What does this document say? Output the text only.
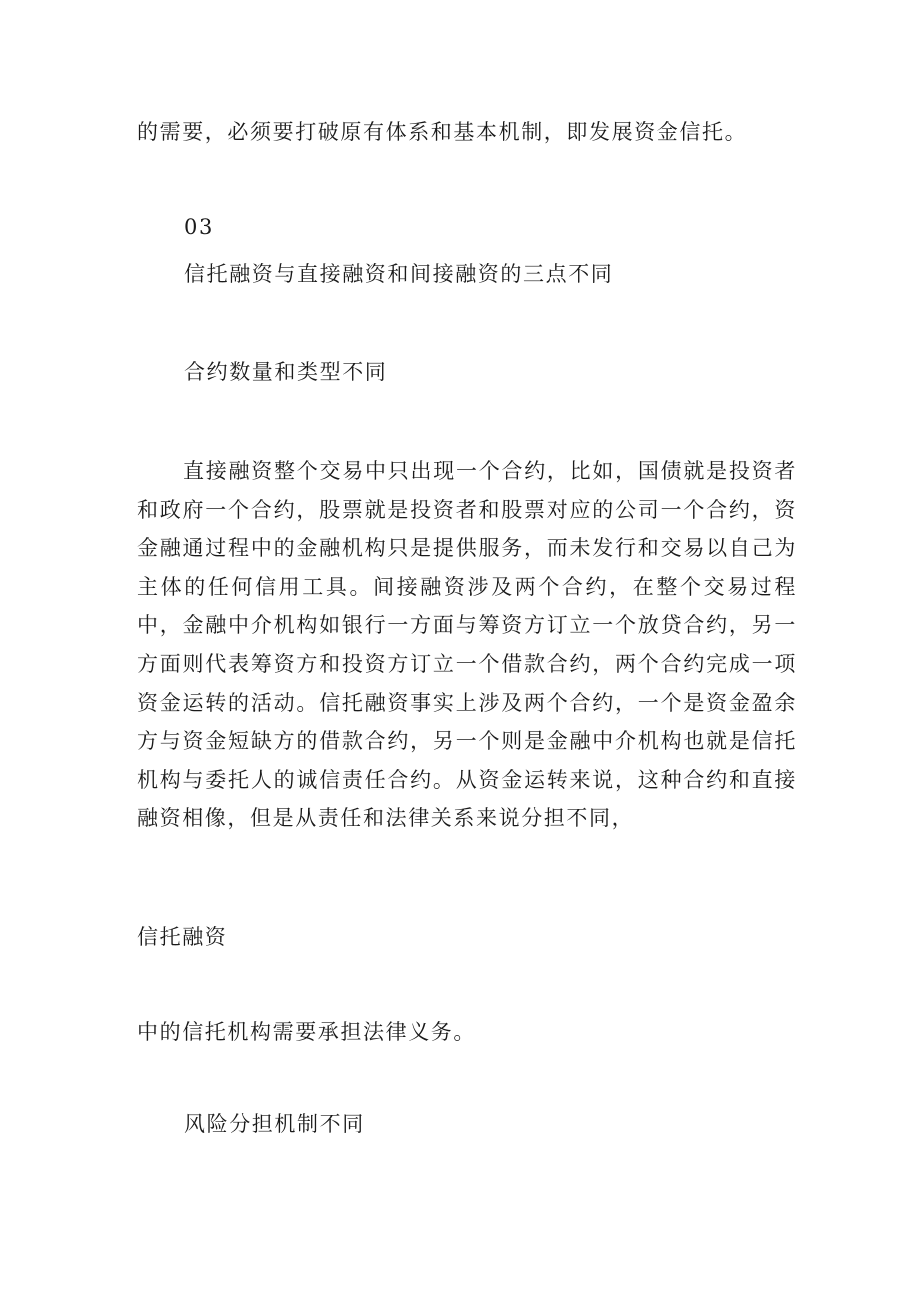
的需要，必须要打破原有体系和基本机制，即发展资金信托。
03
信托融资与直接融资和间接融资的三点不同
合约数量和类型不同

直接融资整个交易中只出现一个合约，比如，国债就是投资者和政府一个合约，股票就是投资者和股票对应的公司一个合约，资金融通过程中的金融机构只是提供服务，而未发行和交易以自己为主体的任何信用工具。间接融资涉及两个合约，在整个交易过程中，金融中介机构如银行一方面与筹资方订立一个放贷合约，另一方面则代表筹资方和投资方订立一个借款合约，两个合约完成一项资金运转的活动。信托融资事实上涉及两个合约，一个是资金盈余方与资金短缺方的借款合约，另一个则是金融中介机构也就是信托机构与委托人的诚信责任合约。从资金运转来说，这种合约和直接融资相像，但是从责任和法律关系来说分担不同，

信托融资
中的信托机构需要承担法律义务。
风险分担机制不同
